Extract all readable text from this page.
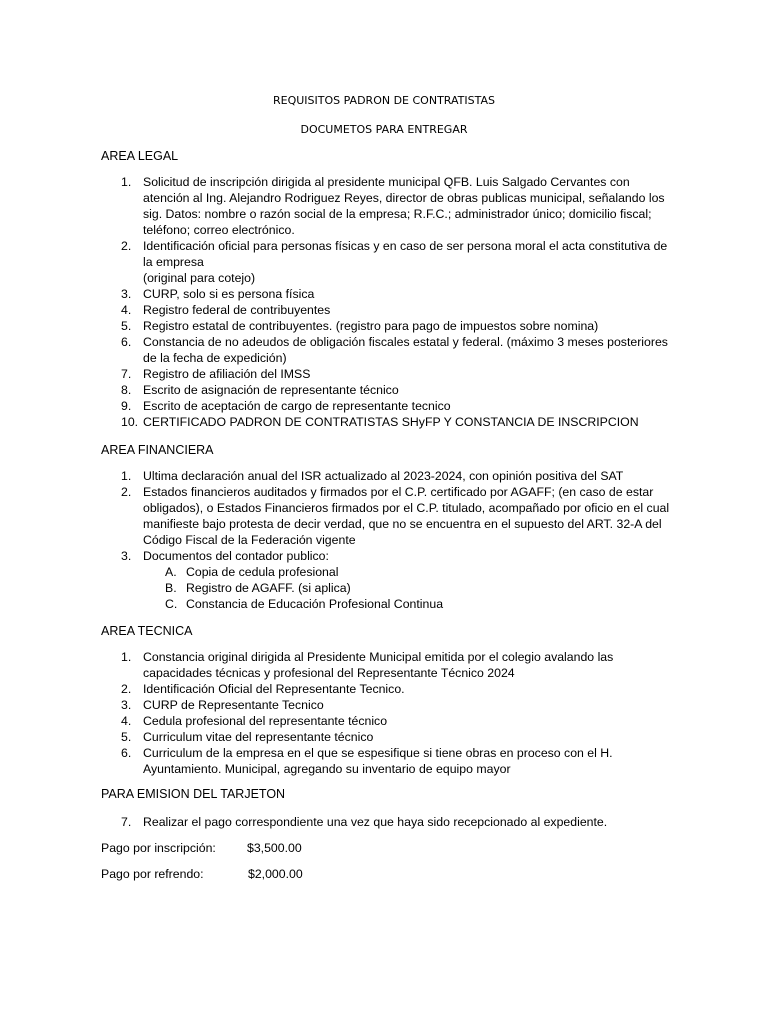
REQUISITOS PADRON DE CONTRATISTAS
DOCUMETOS PARA ENTREGAR
AREA LEGAL
1. Solicitud de inscripción dirigida al presidente municipal QFB. Luis Salgado Cervantes con atención al Ing. Alejandro Rodriguez Reyes, director de obras publicas municipal, señalando los sig. Datos: nombre o razón social de la empresa; R.F.C.; administrador único; domicilio fiscal; teléfono; correo electrónico.
2. Identificación oficial para personas físicas y en caso de ser persona moral el acta constitutiva de la empresa
(original para cotejo)
3. CURP, solo si es persona física
4. Registro federal de contribuyentes
5. Registro estatal de contribuyentes. (registro para pago de impuestos sobre nomina)
6. Constancia de no adeudos de obligación fiscales estatal y federal. (máximo 3 meses posteriores de la fecha de expedición)
7. Registro de afiliación del IMSS
8. Escrito de asignación de representante técnico
9. Escrito de aceptación de cargo de representante tecnico
10. CERTIFICADO PADRON DE CONTRATISTAS SHyFP Y CONSTANCIA DE INSCRIPCION
AREA FINANCIERA
1. Ultima declaración anual del ISR actualizado al 2023-2024, con opinión positiva del SAT
2. Estados financieros auditados y firmados por el C.P. certificado por AGAFF; (en caso de estar obligados), o Estados Financieros firmados por el C.P. titulado, acompañado por oficio en el cual manifieste bajo protesta de decir verdad, que no se encuentra en el supuesto del ART. 32-A del Código Fiscal de la Federación vigente
3. Documentos del contador publico:
A. Copia de cedula profesional
B. Registro de AGAFF. (si aplica)
C. Constancia de Educación Profesional Continua
AREA TECNICA
1. Constancia original dirigida al Presidente Municipal emitida por el colegio avalando las capacidades técnicas y profesional del Representante Técnico 2024
2. Identificación Oficial del Representante Tecnico.
3. CURP de Representante Tecnico
4. Cedula profesional del representante técnico
5. Curriculum vitae del representante técnico
6. Curriculum de la empresa en el que se espesifique si tiene obras en proceso con el H. Ayuntamiento. Municipal, agregando su inventario de equipo mayor
PARA EMISION DEL TARJETON
7. Realizar el pago correspondiente una vez que haya sido recepcionado al expediente.
Pago por inscripción:	$3,500.00
Pago por refrendo:	$2,000.00
